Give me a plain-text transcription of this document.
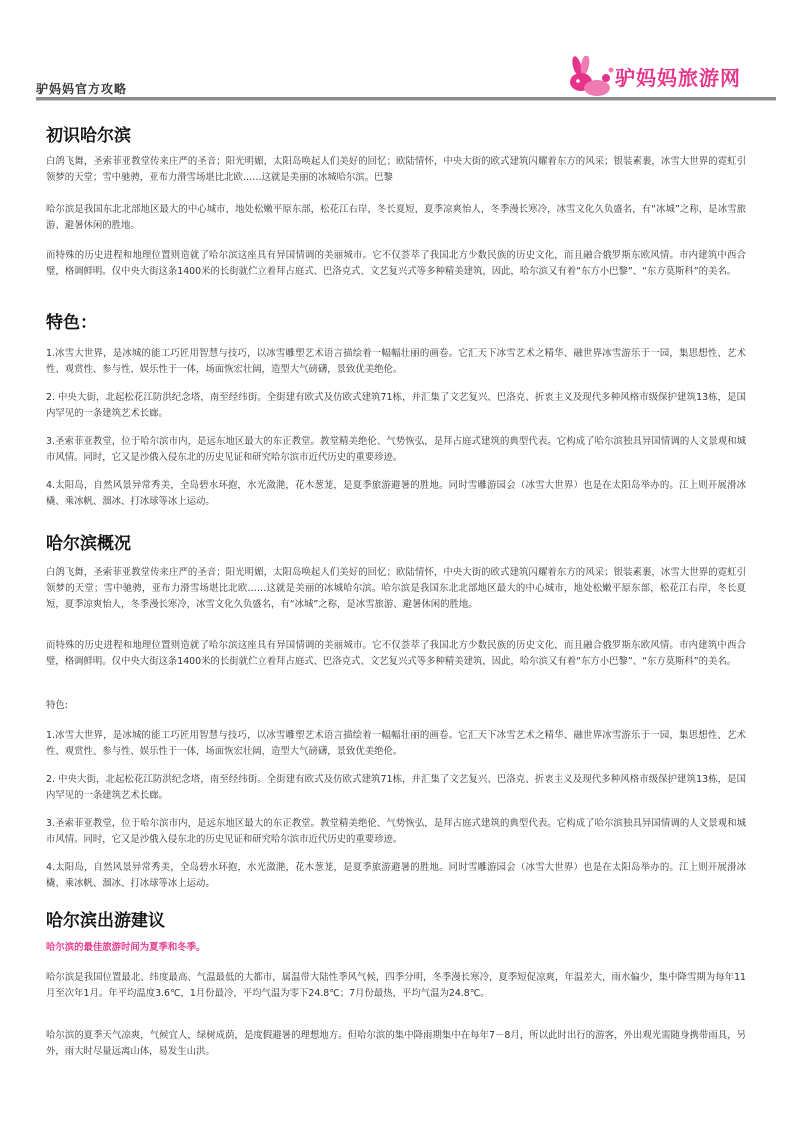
驴妈妈官方攻略	驴妈妈旅游网
初识哈尔滨

白鸽飞舞，圣索菲亚教堂传来庄严的圣音；阳光明媚，太阳岛唤起人们美好的回忆；欧陆情怀，中央大街的欧式建筑闪耀着东方的风采；银装素裹，冰雪大世界的霓虹引领梦的天堂；雪中驰骋，亚布力滑雪场堪比北欧……这就是美丽的冰城哈尔滨。巴黎

哈尔滨是我国东北北部地区最大的中心城市，地处松嫩平原东部，松花江右岸，冬长夏短，夏季凉爽怡人，冬季漫长寒冷，冰雪文化久负盛名，有“冰城”之称，是冰雪旅游、避暑休闲的胜地。

而特殊的历史进程和地理位置则造就了哈尔滨这座具有异国情调的美丽城市。它不仅荟萃了我国北方少数民族的历史文化，而且融合俄罗斯东欧风情。市内建筑中西合璧，格调鲜明。仅中央大街这条1400米的长街就伫立着拜占庭式、巴洛克式、文艺复兴式等多种精美建筑，因此，哈尔滨又有着“东方小巴黎”、“东方莫斯科”的美名。

特色：

1.冰雪大世界，是冰城的能工巧匠用智慧与技巧，以冰雪雕塑艺术语言描绘着一幅幅壮丽的画卷。它汇天下冰雪艺术之精华、融世界冰雪游乐于一园，集思想性、艺术性、观赏性、参与性、娱乐性于一体，场面恢宏壮阔，造型大气磅礴，景致优美绝伦。

2. 中央大街，北起松花江防洪纪念塔，南至经纬街。全街建有欧式及仿欧式建筑71栋，并汇集了文艺复兴、巴洛克、折衷主义及现代多种风格市级保护建筑13栋，是国内罕见的一条建筑艺术长廊。

3.圣索菲亚教堂，位于哈尔滨市内，是远东地区最大的东正教堂。教堂精美绝伦、气势恢弘，是拜占庭式建筑的典型代表。它构成了哈尔滨独具异国情调的人文景观和城市风情。同时，它又是沙俄入侵东北的历史见证和研究哈尔滨市近代历史的重要珍迹。

4.太阳岛，自然风景异常秀美，全岛碧水环抱，水光潋滟，花木葱茏，是夏季旅游避暑的胜地。同时雪雕游园会（冰雪大世界）也是在太阳岛举办的。江上则开展滑冰橇、乘冰帆、溜冰、打冰球等冰上运动。

哈尔滨概况

白鸽飞舞，圣索菲亚教堂传来庄严的圣音；阳光明媚，太阳岛唤起人们美好的回忆；欧陆情怀，中央大街的欧式建筑闪耀着东方的风采；银装素裹，冰雪大世界的霓虹引领梦的天堂；雪中驰骋，亚布力滑雪场堪比北欧……这就是美丽的冰城哈尔滨。哈尔滨是我国东北北部地区最大的中心城市，地处松嫩平原东部，松花江右岸，冬长夏短，夏季凉爽怡人，冬季漫长寒冷，冰雪文化久负盛名，有“冰城”之称，是冰雪旅游、避暑休闲的胜地。

而特殊的历史进程和地理位置则造就了哈尔滨这座具有异国情调的美丽城市。它不仅荟萃了我国北方少数民族的历史文化，而且融合俄罗斯东欧风情。市内建筑中西合璧，格调鲜明。仅中央大街这条1400米的长街就伫立着拜占庭式、巴洛克式、文艺复兴式等多种精美建筑，因此，哈尔滨又有着“东方小巴黎”、“东方莫斯科”的美名。

特色:

1.冰雪大世界，是冰城的能工巧匠用智慧与技巧，以冰雪雕塑艺术语言描绘着一幅幅壮丽的画卷。它汇天下冰雪艺术之精华、融世界冰雪游乐于一园，集思想性、艺术性、观赏性、参与性、娱乐性于一体，场面恢宏壮阔，造型大气磅礴，景致优美绝伦。

2. 中央大街，北起松花江防洪纪念塔，南至经纬街。全街建有欧式及仿欧式建筑71栋，并汇集了文艺复兴、巴洛克、折衷主义及现代多种风格市级保护建筑13栋，是国内罕见的一条建筑艺术长廊。

3.圣索菲亚教堂，位于哈尔滨市内，是远东地区最大的东正教堂。教堂精美绝伦、气势恢弘，是拜占庭式建筑的典型代表。它构成了哈尔滨独具异国情调的人文景观和城市风情。同时，它又是沙俄入侵东北的历史见证和研究哈尔滨市近代历史的重要珍迹。

4.太阳岛，自然风景异常秀美，全岛碧水环抱，水光潋滟，花木葱茏，是夏季旅游避暑的胜地。同时雪雕游园会（冰雪大世界）也是在太阳岛举办的。江上则开展滑冰橇、乘冰帆、溜冰、打冰球等冰上运动。

哈尔滨出游建议

哈尔滨的最佳旅游时间为夏季和冬季。

哈尔滨是我国位置最北、纬度最高、气温最低的大都市，属温带大陆性季风气候，四季分明，冬季漫长寒冷，夏季短促凉爽，年温差大，雨水偏少，集中降雪期为每年11月至次年1月。年平均温度3.6℃，1月份最冷，平均气温为零下24.8℃；7月份最热，平均气温为24.8℃。

哈尔滨的夏季天气凉爽，气候宜人，绿树成荫，是度假避暑的理想地方。但哈尔滨的集中降雨期集中在每年7－8月，所以此时出行的游客，外出观光需随身携带雨具，另外，雨大时尽量远离山体，易发生山洪。
